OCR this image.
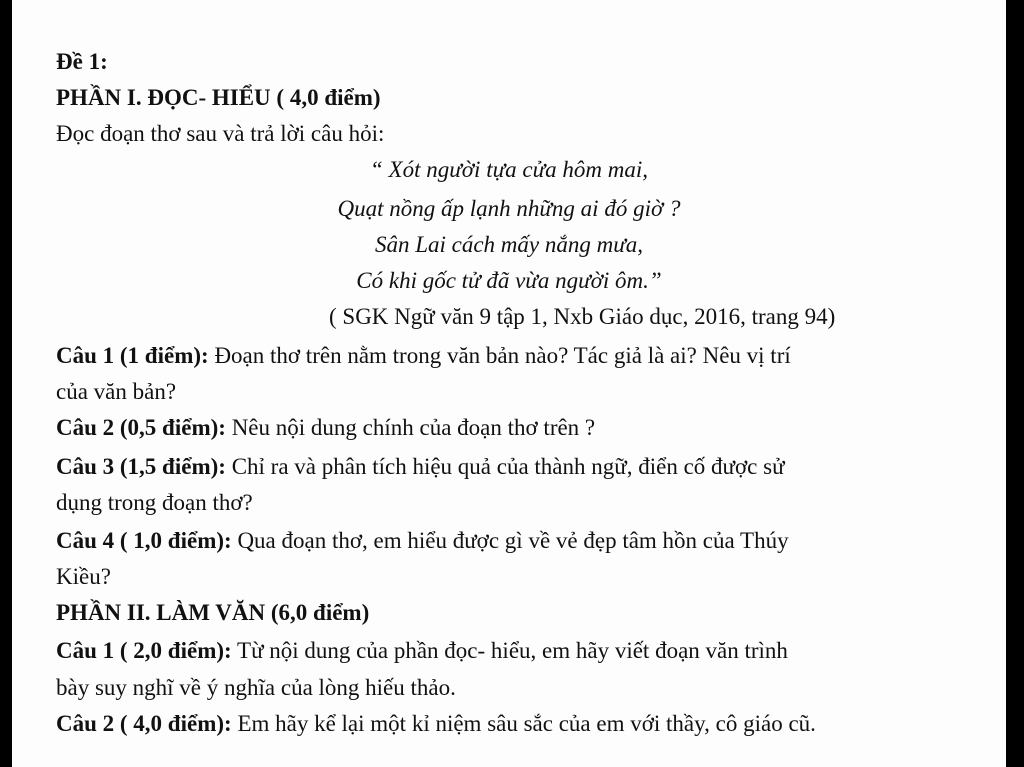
Đề 1:
PHẦN I. ĐỌC- HIỂU ( 4,0 điểm)
Đọc đoạn thơ sau và trả lời câu hỏi:
“ Xót người tựa cửa hôm mai,
Quạt nồng ấp lạnh những ai đó giờ ?
Sân Lai cách mấy nắng mưa,
Có khi gốc tử đã vừa người ôm.”
( SGK Ngữ văn 9 tập 1, Nxb Giáo dục, 2016, trang 94)
Câu 1 (1 điểm): Đoạn thơ trên nằm trong văn bản nào? Tác giả là ai? Nêu vị trí
của văn bản?
Câu 2 (0,5 điểm): Nêu nội dung chính của đoạn thơ trên ?
Câu 3 (1,5 điểm): Chỉ ra và phân tích hiệu quả của thành ngữ, điển cố được sử
dụng trong đoạn thơ?
Câu 4 ( 1,0 điểm): Qua đoạn thơ, em hiểu được gì về vẻ đẹp tâm hồn của Thúy
Kiều?
PHẦN II. LÀM VĂN (6,0 điểm)
Câu 1 ( 2,0 điểm): Từ nội dung của phần đọc- hiểu, em hãy viết đoạn văn trình
bày suy nghĩ về ý nghĩa của lòng hiếu thảo.
Câu 2 ( 4,0 điểm): Em hãy kể lại một kỉ niệm sâu sắc của em với thầy, cô giáo cũ.
